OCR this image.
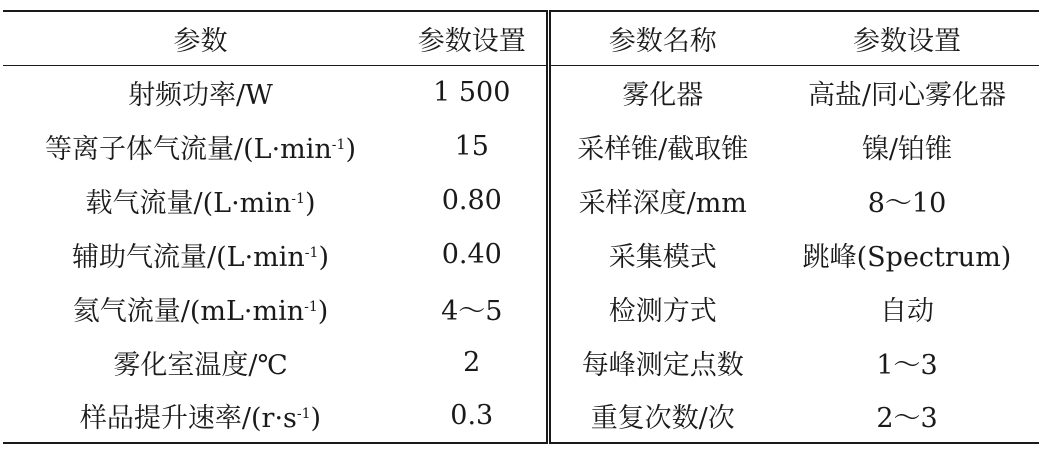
参数	参数设置	参数名称	参数设置
射频功率/W	1 500	雾化器	高盐/同心雾化器
等离子体气流量$/(L\cdot\min^{-1})$	15	采样锥/截取锥	镍/铂锥
载气流量$/(L\cdot\min^{-1})$	0.80	采样深度/mm	8～10
辅助气流量$/(L\cdot\min^{-1})$	0.40	采集模式	跳峰(Spectrum)
氦气流量$/(mL\cdot\min^{-1})$	4～5	检测方式	自动
雾化室温度/℃	2	每峰测定点数	1～3
样品提升速率$/(r\cdot s^{-1})$	0.3	重复次数/次	2～3
